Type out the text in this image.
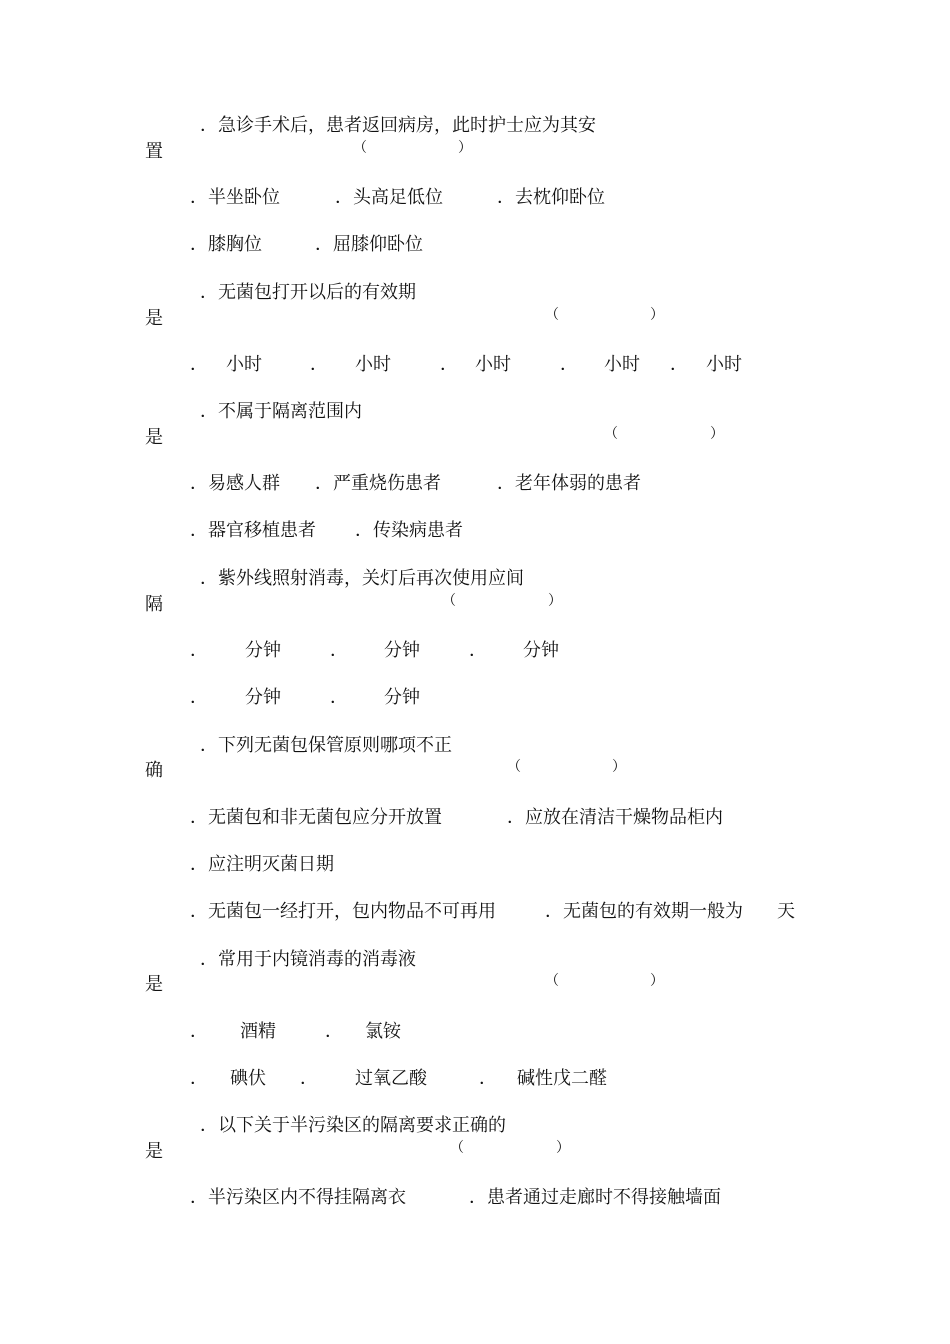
．急诊手术后，患者返回病房，此时护士应为其安
置	（	）
．半坐卧位	．头高足低位	．去枕仰卧位
．膝胸位	．屈膝仰卧位
．无菌包打开以后的有效期
是	（	）
． 小时	． 小时	． 小时	． 小时 ． 小时
．不属于隔离范围内
是	（	）
．易感人群 ．严重烧伤患者	．老年体弱的患者
．器官移植患者 ．传染病患者
．紫外线照射消毒，关灯后再次使用应间
隔	（	）
． 分钟	． 分钟	． 分钟
． 分钟	． 分钟
．下列无菌包保管原则哪项不正
确	（	）
．无菌包和非无菌包应分开放置	．应放在清洁干燥物品柜内
．应注明灭菌日期
．无菌包一经打开，包内物品不可再用	．无菌包的有效期一般为 天
．常用于内镜消毒的消毒液
是	（	）
． 酒精	． 氯铵
． 碘伏 ． 过氧乙酸	． 碱性戊二醛
．以下关于半污染区的隔离要求正确的
是	（	）
．半污染区内不得挂隔离衣	．患者通过走廊时不得接触墙面
